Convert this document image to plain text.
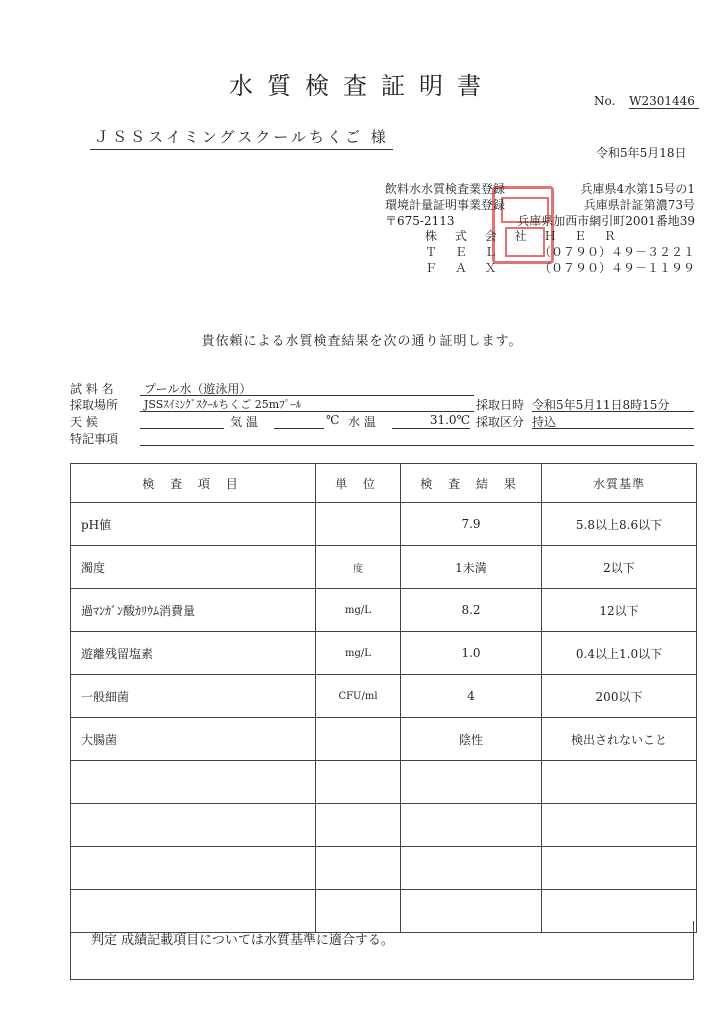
水質検査証明書
No. W2301446
ＪＳＳスイミングスクールちくご 様
令和5年5月18日
飲料水水質検査業登録	兵庫県4水第15号の1
環境計量証明事業登録	兵庫県計証第濃73号
〒675-2113	兵庫県加西市網引町2001番地39
株 式 会 社 Ｈ Ｅ Ｒ
Ｔ Ｅ Ｌ	（０７９０）４９－３２２１
Ｆ Ａ Ｘ	（０７９０）４９－１１９９
貴依頼による水質検査結果を次の通り証明します。
試 料 名	プール水（遊泳用）
採取場所	JSSｽｲﾐﾝｸﾞｽｸｰﾙちくご 25mﾌﾟｰﾙ	採取日時 令和5年5月11日8時15分
天 候	気 温	℃ 水 温	31.0℃ 採取区分 持込
特記事項
検 査 項 目	単 位	検 査 結 果	水質基準
pH値		7.9	5.8以上8.6以下
濁度	度	1未満	2以下
過ﾏﾝｶﾞﾝ酸ｶﾘｳﾑ消費量	mg/L	8.2	12以下
遊離残留塩素	mg/L	1.0	0.4以上1.0以下
一般細菌	CFU/ml	4	200以下
大腸菌		陰性	検出されないこと

判定 成績記載項目については水質基準に適合する。
